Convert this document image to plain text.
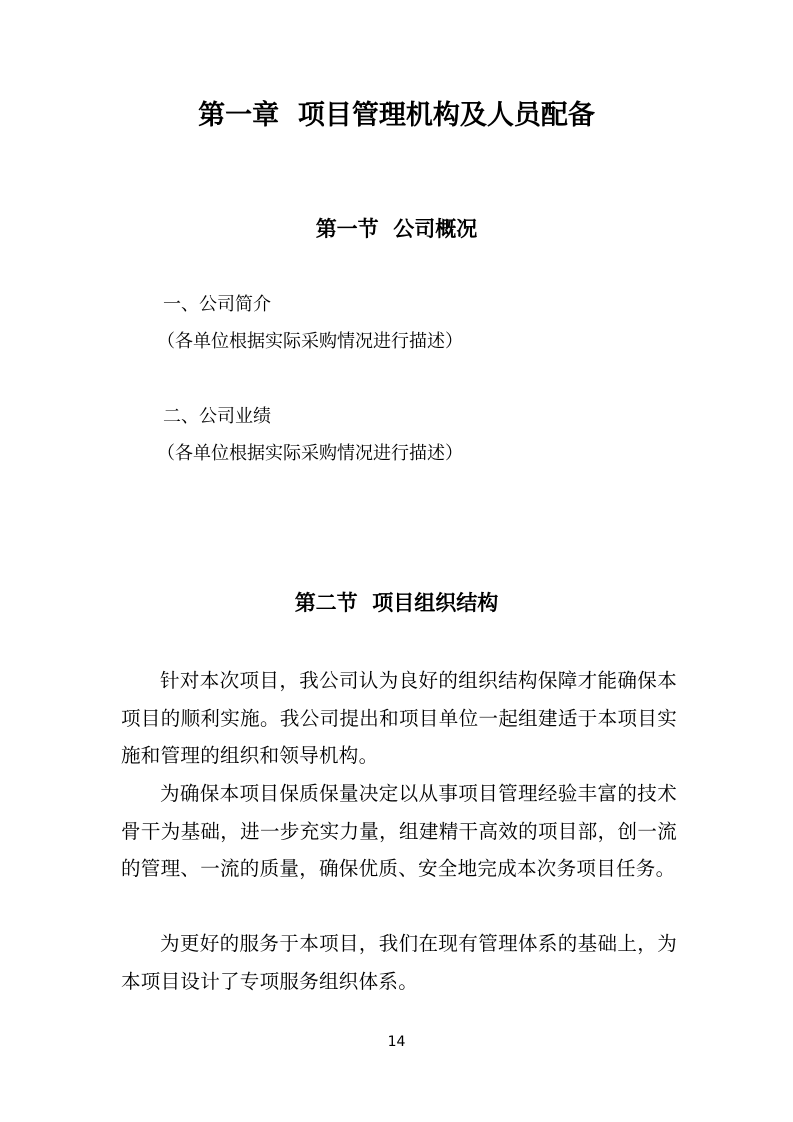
第一章  项目管理机构及人员配备
第一节  公司概况
一、公司简介
（各单位根据实际采购情况进行描述）
二、公司业绩
（各单位根据实际采购情况进行描述）
第二节  项目组织结构
针对本次项目，我公司认为良好的组织结构保障才能确保本项目的顺利实施。我公司提出和项目单位一起组建适于本项目实施和管理的组织和领导机构。
为确保本项目保质保量决定以从事项目管理经验丰富的技术骨干为基础，进一步充实力量，组建精干高效的项目部，创一流的管理、一流的质量，确保优质、安全地完成本次务项目任务。
为更好的服务于本项目，我们在现有管理体系的基础上，为本项目设计了专项服务组织体系。
14
